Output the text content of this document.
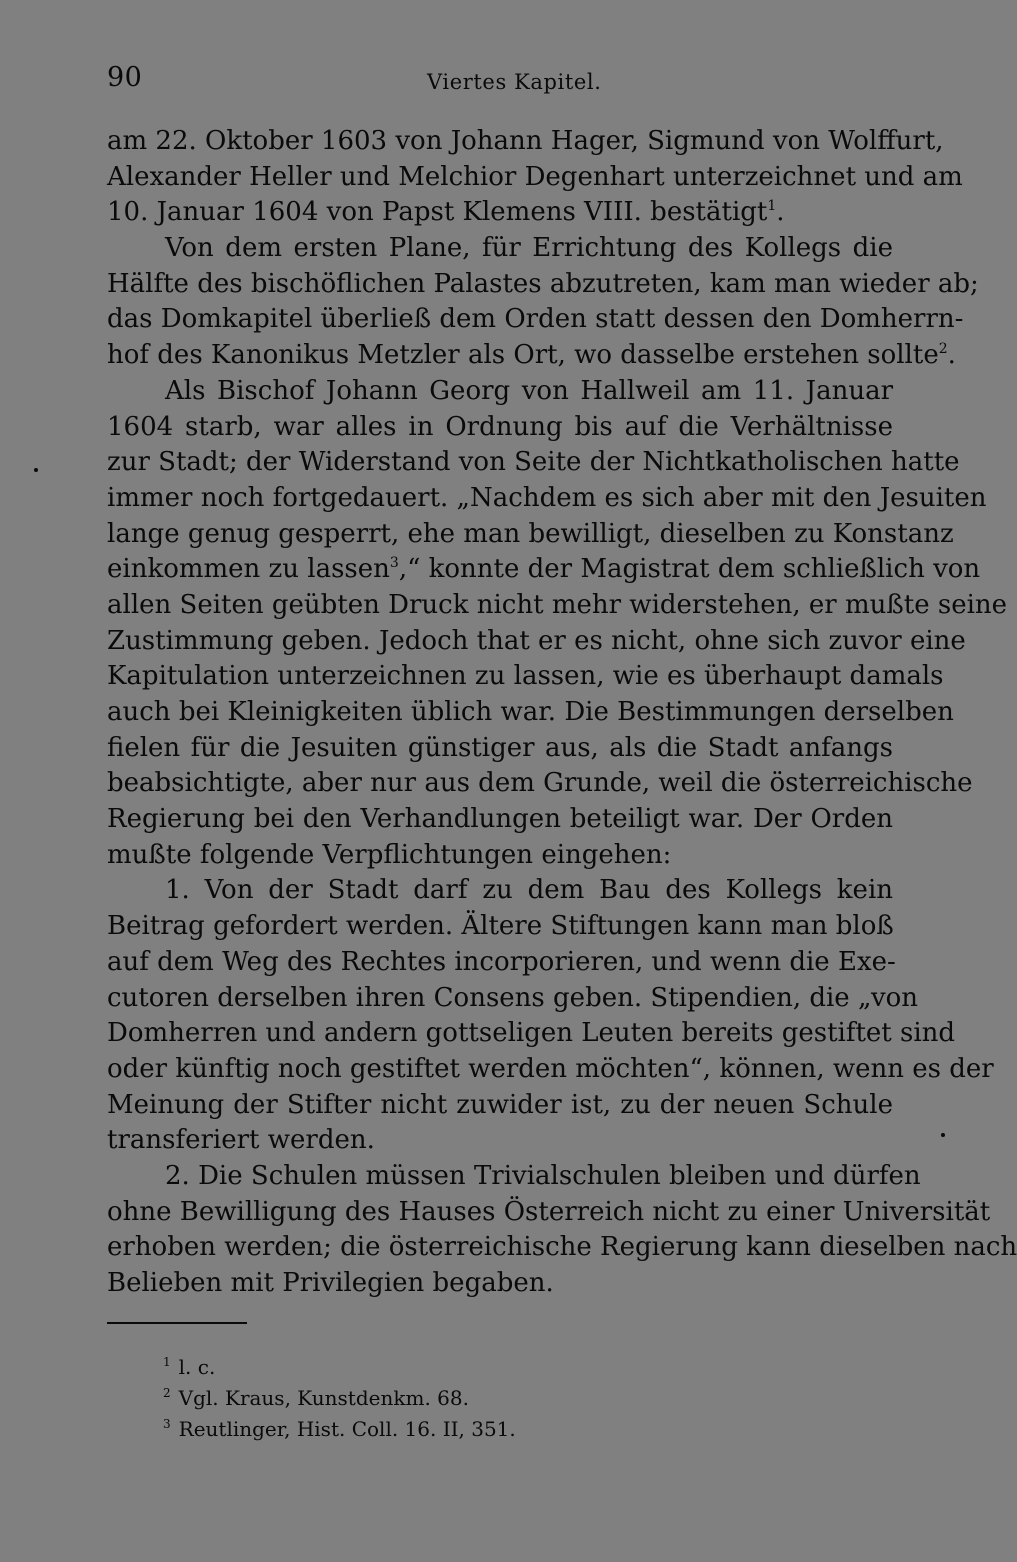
90	Viertes Kapitel.
am 22. Oktober 1603 von Johann Hager, Sigmund von Wolffurt,
Alexander Heller und Melchior Degenhart unterzeichnet und am
10. Januar 1604 von Papst Klemens VIII. bestätigt$^1$.
Von dem ersten Plane, für Errichtung des Kollegs die
Hälfte des bischöflichen Palastes abzutreten, kam man wieder ab;
das Domkapitel überließ dem Orden statt dessen den Domherrn-
hof des Kanonikus Metzler als Ort, wo dasselbe erstehen sollte$^2$.
Als Bischof Johann Georg von Hallweil am 11. Januar
1604 starb, war alles in Ordnung bis auf die Verhältnisse
zur Stadt; der Widerstand von Seite der Nichtkatholischen hatte
immer noch fortgedauert. „Nachdem es sich aber mit den Jesuiten
lange genug gesperrt, ehe man bewilligt, dieselben zu Konstanz
einkommen zu lassen$^3$,“ konnte der Magistrat dem schließlich von
allen Seiten geübten Druck nicht mehr widerstehen, er mußte seine
Zustimmung geben. Jedoch that er es nicht, ohne sich zuvor eine
Kapitulation unterzeichnen zu lassen, wie es überhaupt damals
auch bei Kleinigkeiten üblich war. Die Bestimmungen derselben
fielen für die Jesuiten günstiger aus, als die Stadt anfangs
beabsichtigte, aber nur aus dem Grunde, weil die österreichische
Regierung bei den Verhandlungen beteiligt war. Der Orden
mußte folgende Verpflichtungen eingehen:
1. Von der Stadt darf zu dem Bau des Kollegs kein
Beitrag gefordert werden. Ältere Stiftungen kann man bloß
auf dem Weg des Rechtes incorporieren, und wenn die Exe-
cutoren derselben ihren Consens geben. Stipendien, die „von
Domherren und andern gottseligen Leuten bereits gestiftet sind
oder künftig noch gestiftet werden möchten“, können, wenn es der
Meinung der Stifter nicht zuwider ist, zu der neuen Schule
transferiert werden.
2. Die Schulen müssen Trivialschulen bleiben und dürfen
ohne Bewilligung des Hauses Österreich nicht zu einer Universität
erhoben werden; die österreichische Regierung kann dieselben nach
Belieben mit Privilegien begaben.
$^1$ l. c.
$^2$ Vgl. Kraus, Kunstdenkm. 68.
$^3$ Reutlinger, Hist. Coll. 16. II, 351.
